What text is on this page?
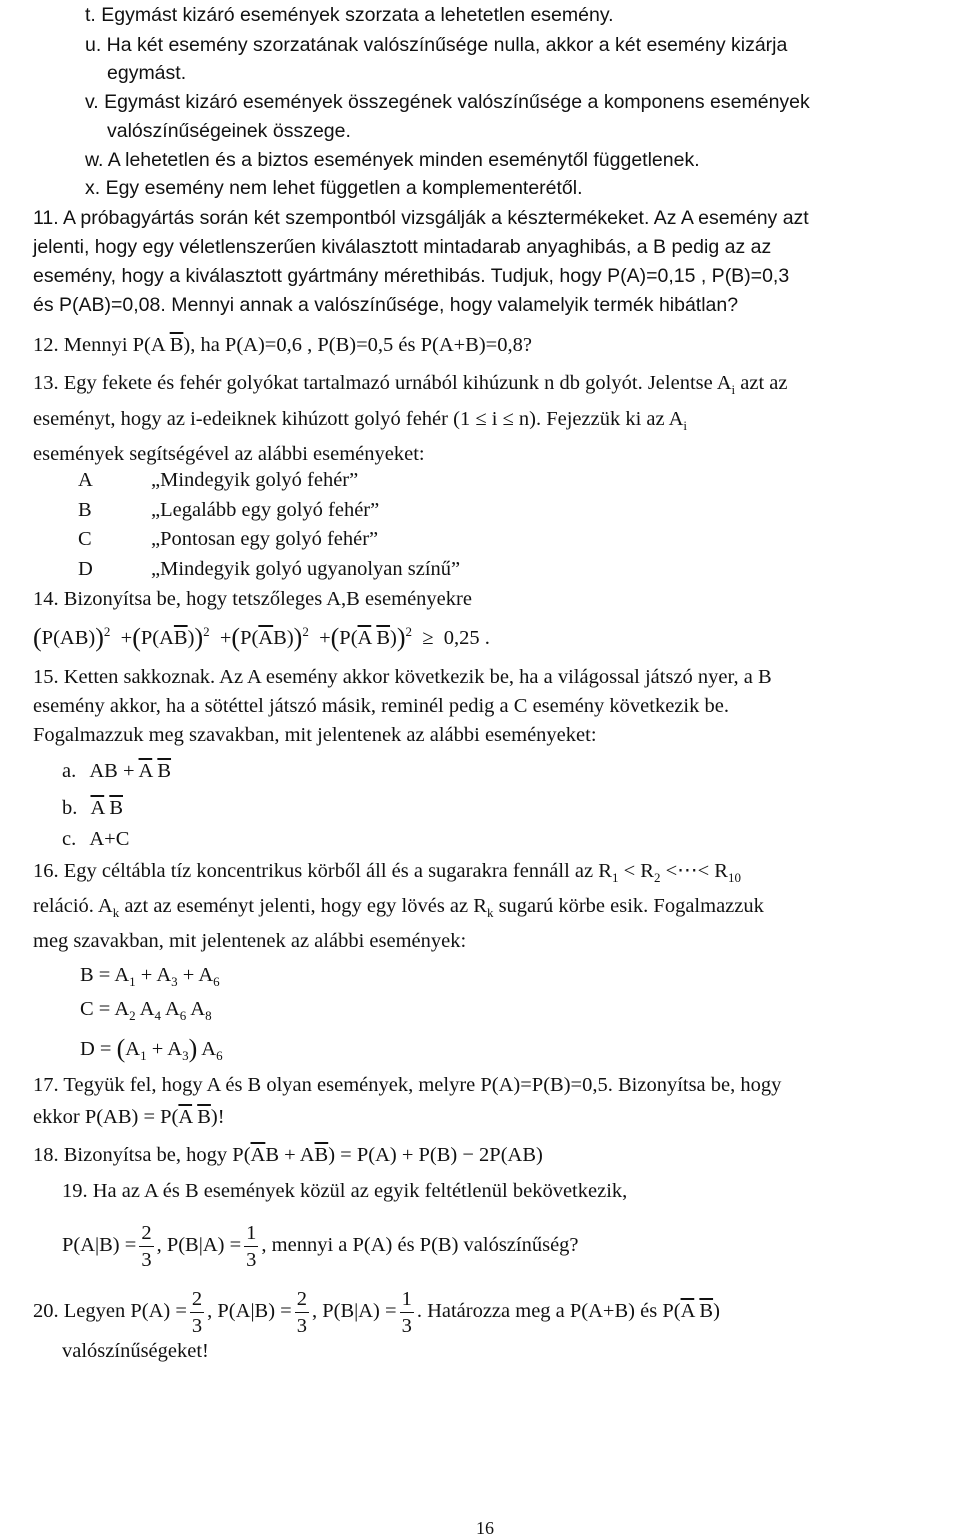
t. Egymást kizáró események szorzata a lehetetlen esemény.
u. Ha két esemény szorzatának valószínűsége nulla, akkor a két esemény kizárja
egymást.
v. Egymást kizáró események összegének valószínűsége a komponens események
valószínűségeinek összege.
w. A lehetetlen és a biztos események minden eseménytől függetlenek.
x. Egy esemény nem lehet független a komplementerétől.
11. A próbagyártás során két szempontból vizsgálják a késztermékeket. Az A esemény azt
jelenti, hogy egy véletlenszerűen kiválasztott mintadarab anyaghibás, a B pedig az az
esemény, hogy a kiválasztott gyártmány mérethibás. Tudjuk, hogy P(A)=0,15 , P(B)=0,3
és P(AB)=0,08. Mennyi annak a valószínűsége, hogy valamelyik termék hibátlan?
12. Mennyi P(A $\overline{B}$), ha P(A)=0,6 , P(B)=0,5 és P(A+B)=0,8?
13. Egy fekete és fehér golyókat tartalmazó urnából kihúzunk n db golyót. Jelentse $A_i$ azt az
eseményt, hogy az i-edeiknek kihúzott golyó fehér (1 ≤ i ≤ n). Fejezzük ki az $A_i$
események segítségével az alábbi eseményeket:
A	„Mindegyik golyó fehér”
B	„Legalább egy golyó fehér”
C	„Pontosan egy golyó fehér”
D	„Mindegyik golyó ugyanolyan színű”
14. Bizonyítsa be, hogy tetszőleges A,B eseményekre
$(P(AB))^2 +(P(A\overline{B}))^2 +(P(\overline{A}B))^2 +(P(\overline{A}$ $\overline{B}))^2 \ge 0,25$ .
15. Ketten sakkoznak. Az A esemény akkor következik be, ha a világossal játszó nyer, a B
esemény akkor, ha a sötéttel játszó másik, reminél pedig a C esemény következik be.
Fogalmazzuk meg szavakban, mit jelentenek az alábbi eseményeket:
a. AB + $\overline{A}$ $\overline{B}$
b. $\overline{A}$ $\overline{B}$
c. A+C
16. Egy céltábla tíz koncentrikus körből áll és a sugarakra fennáll az $R_1 < R_2$ <⋯< $R_{10}$
reláció. $A_k$ azt az eseményt jelenti, hogy egy lövés az $R_k$ sugarú körbe esik. Fogalmazzuk
meg szavakban, mit jelentenek az alábbi események:
$B = A_1 + A_3 + A_6$
$C = A_2$ $A_4$ $A_6$ $A_8$
$D = (A_1 + A_3)$ $A_6$
17. Tegyük fel, hogy A és B olyan események, melyre P(A)=P(B)=0,5. Bizonyítsa be, hogy
ekkor $P(AB) = P(\overline{A}$ $\overline{B}$)!
18. Bizonyítsa be, hogy $P(\overline{A}B + A\overline{B}) = P(A) + P(B) - 2P(AB)$
19. Ha az A és B események közül az egyik feltétlenül bekövetkezik,
$P(A|B) = \frac{2}{3}$ , $P(B|A) = \frac{1}{3}$ , mennyi a P(A) és P(B) valószínűség?
20. Legyen $P(A) = \frac{2}{3}$ , $P(A|B) = \frac{2}{3}$ , $P(B|A) = \frac{1}{3}$ . Határozza meg a P(A+B) és $P(\overline{A}$ $\overline{B}$)
valószínűségeket!
16
